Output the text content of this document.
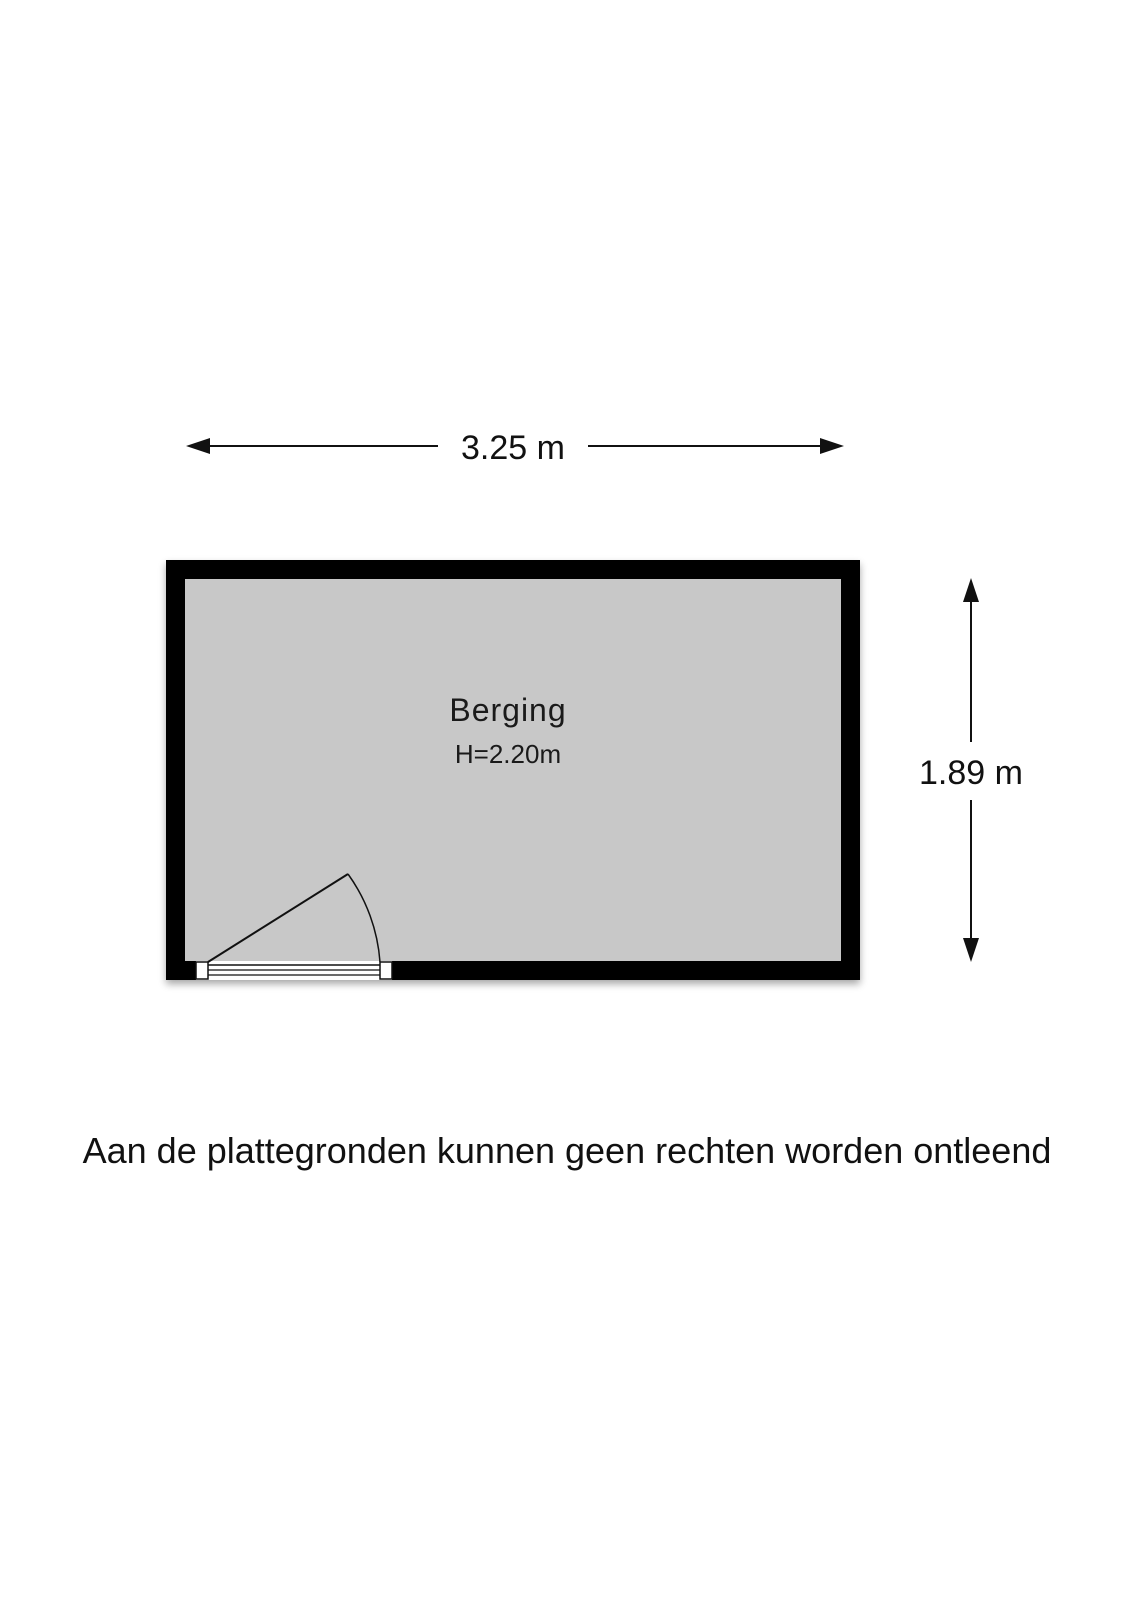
3.25 m
1.89 m
Berging
H=2.20m
Aan de plattegronden kunnen geen rechten worden ontleend
